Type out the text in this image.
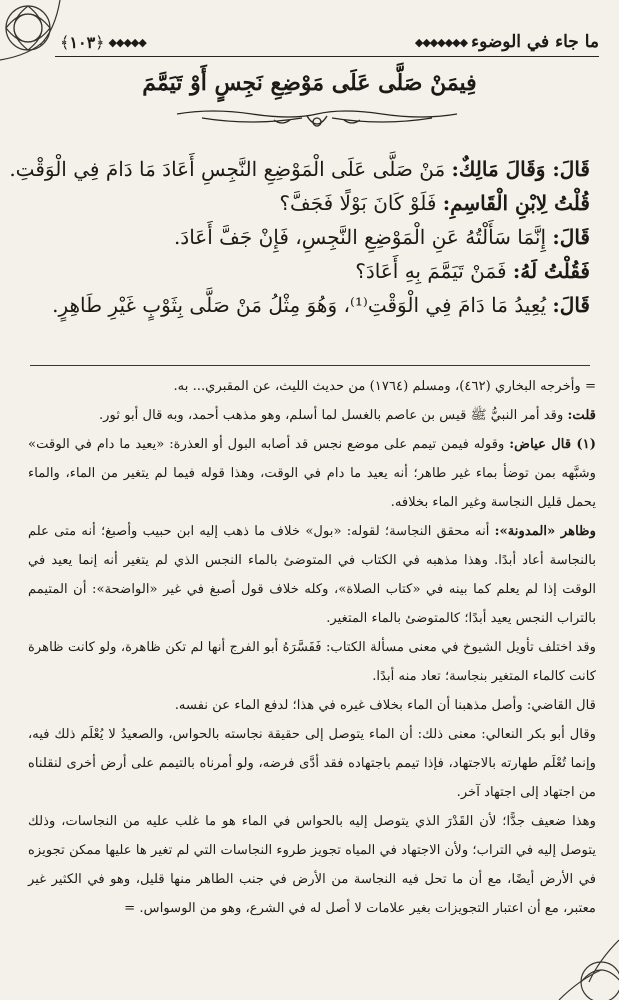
ما جاء في الوضوء
◆◆◆◆◆◆◆
◆◆◆◆◆
﴿١٠٣﴾
فِيمَنْ صَلَّى عَلَى مَوْضِعِ نَجِسٍ أَوْ تَيَمَّمَ
قَالَ: وَقَالَ مَالِكٌ: مَنْ صَلَّى عَلَى الْمَوْضِعِ النَّجِسِ أَعَادَ مَا دَامَ فِي الْوَقْتِ.
قُلْتُ لِابْنِ الْقَاسِمِ: فَلَوْ كَانَ بَوْلًا فَجَفَّ؟
قَالَ: إِنَّمَا سَأَلْتُهُ عَنِ الْمَوْضِعِ النَّجِسِ، فَإِنْ جَفَّ أَعَادَ.
فَقُلْتُ لَهُ: فَمَنْ تَيَمَّمَ بِهِ أَعَادَ؟
قَالَ: يُعِيدُ مَا دَامَ فِي الْوَقْتِ⁽¹⁾، وَهُوَ مِثْلُ مَنْ صَلَّى بِثَوْبٍ غَيْرِ طَاهِرٍ.

= وأخرجه البخاري (٤٦٢)، ومسلم (١٧٦٤) من حديث الليث، عن المقبري... به.

قلت: وقد أمر النبيُّ ﷺ قيس بن عاصم بالغسل لما أسلم، وهو مذهب أحمد، وبه قال أبو ثور.

(١) قال عياض: وقوله فيمن تيمم على موضع نجس قد أصابه البول أو العذرة: «يعيد ما دام في الوقت» وشبَّهه بمن توضأ بماء غير طاهر؛ أنه يعيد ما دام في الوقت، وهذا قوله فيما لم يتغير من الماء، والماء يحمل قليل النجاسة وغير الماء بخلافه.

وظاهر «المدونة»: أنه محقق النجاسة؛ لقوله: «بول» خلاف ما ذهب إليه ابن حبيب وأصبغ؛ أنه متى علم بالنجاسة أعاد أبدًا. وهذا مذهبه في الكتاب في المتوضئ بالماء النجس الذي لم يتغير أنه إنما يعيد في الوقت إذا لم يعلم كما بينه في «كتاب الصلاة»، وكله خلاف قول أصبغ في غير «الواضحة»: أن المتيمم بالتراب النجس يعيد أبدًا؛ كالمتوضئ بالماء المتغير.

وقد اختلف تأويل الشيوخ في معنى مسألة الكتاب: فَفَسَّرَهُ أبو الفرج أنها لم تكن ظاهرة، ولو كانت ظاهرة كانت كالماء المتغير بنجاسة؛ تعاد منه أبدًا.

قال القاضي: وأصل مذهبنا أن الماء بخلاف غيره في هذا؛ لدفع الماء عن نفسه.

وقال أبو بكر النعالي: معنى ذلك: أن الماء يتوصل إلى حقيقة نجاسته بالحواس، والصعيدُ لا يُعْلَم ذلك فيه، وإنما تُعْلَم طهارته بالاجتهاد، فإذا تيمم باجتهاده فقد أدَّى فرضه، ولو أمرناه بالتيمم على أرض أخرى لنقلناه من اجتهاد إلى اجتهاد آخر.

وهذا ضعيف جدًّا؛ لأن القَدْرَ الذي يتوصل إليه بالحواس في الماء هو ما غلب عليه من النجاسات، وذلك يتوصل إليه في التراب؛ ولأن الاجتهاد في المياه تجويز طروء النجاسات التي لم تغير ها عليها ممكن تجويزه في الأرض أيضًا، مع أن ما تحل فيه النجاسة من الأرض في جنب الطاهر منها قليل، وهو في الكثير غير معتبر، مع أن اعتبار التجويزات بغير علامات لا أصل له في الشرع، وهو من الوسواس. =
